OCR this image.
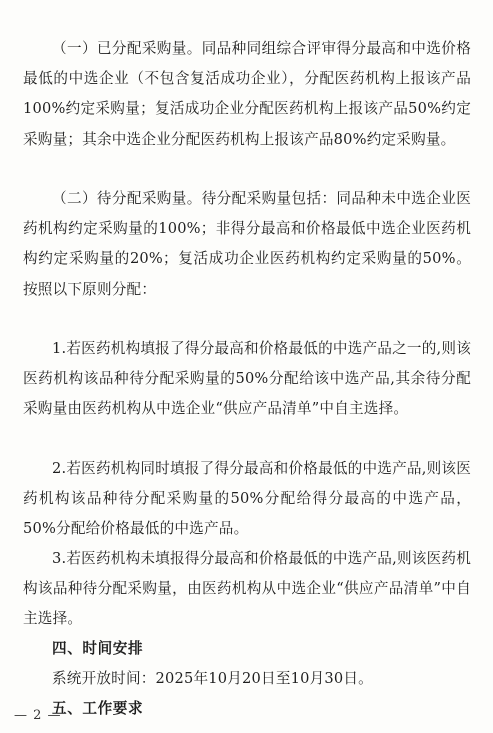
（一）已分配采购量。同品种同组综合评审得分最高和中选价格最低的中选企业（不包含复活成功企业），分配医药机构上报该产品100%约定采购量；复活成功企业分配医药机构上报该产品50%约定采购量；其余中选企业分配医药机构上报该产品80%约定采购量。

（二）待分配采购量。待分配采购量包括：同品种未中选企业医药机构约定采购量的100%；非得分最高和价格最低中选企业医药机构约定采购量的20%；复活成功企业医药机构约定采购量的50%。按照以下原则分配：

1.若医药机构填报了得分最高和价格最低的中选产品之一的,则该医药机构该品种待分配采购量的50%分配给该中选产品,其余待分配采购量由医药机构从中选企业“供应产品清单”中自主选择。

2.若医药机构同时填报了得分最高和价格最低的中选产品,则该医药机构该品种待分配采购量的50%分配给得分最高的中选产品，50%分配给价格最低的中选产品。

3.若医药机构未填报得分最高和价格最低的中选产品,则该医药机构该品种待分配采购量，由医药机构从中选企业“供应产品清单”中自主选择。

四、时间安排

系统开放时间：2025年10月20日至10月30日。

五、工作要求
— 2 —
